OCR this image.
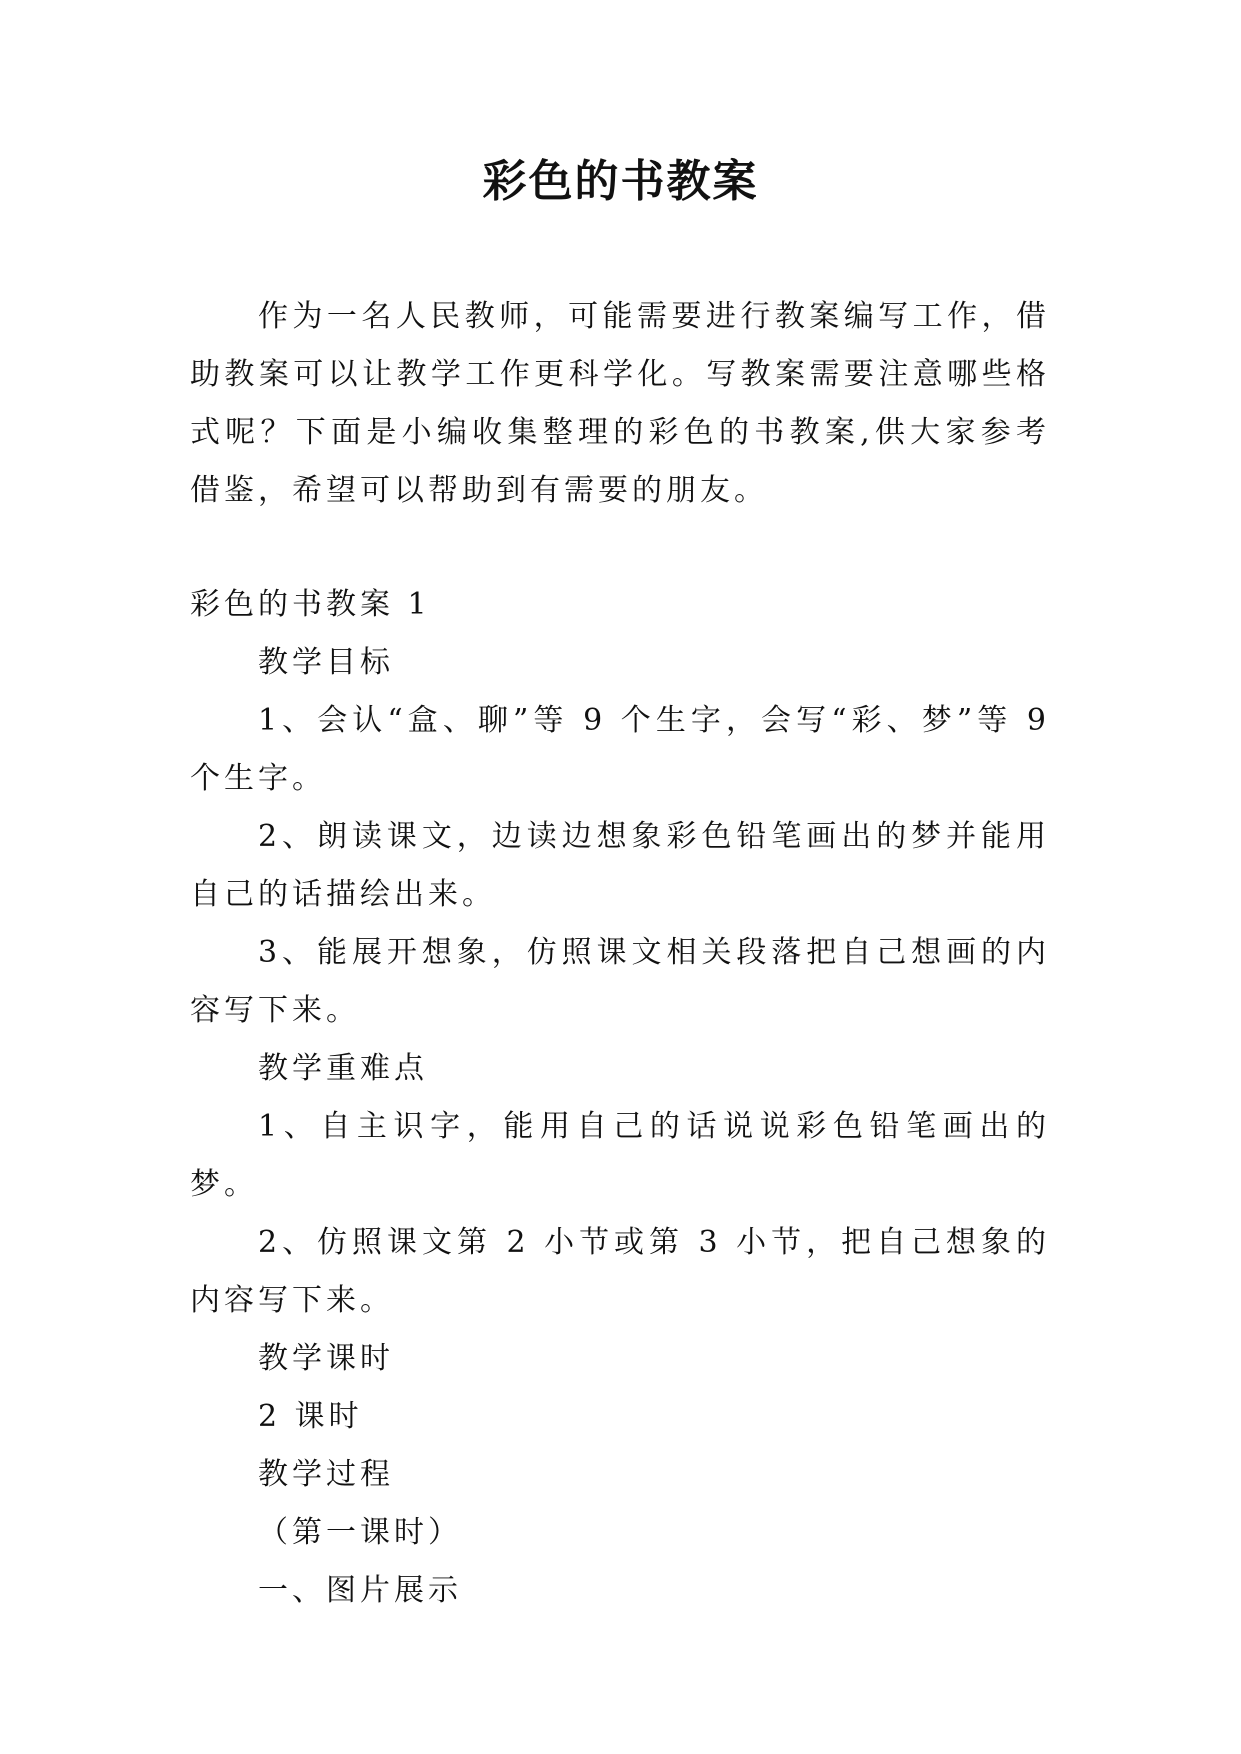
彩色的书教案

作为一名人民教师，可能需要进行教案编写工作，借助教案可以让教学工作更科学化。写教案需要注意哪些格式呢？下面是小编收集整理的彩色的书教案,供大家参考借鉴，希望可以帮助到有需要的朋友。

彩色的书教案 1

教学目标

1、会认“盒、聊”等 9 个生字，会写“彩、梦”等 9 个生字。

2、朗读课文，边读边想象彩色铅笔画出的梦并能用自己的话描绘出来。

3、能展开想象，仿照课文相关段落把自己想画的内容写下来。

教学重难点

1、自主识字，能用自己的话说说彩色铅笔画出的梦。

2、仿照课文第 2 小节或第 3 小节，把自己想象的内容写下来。

教学课时

2 课时

教学过程

（第一课时）

一、图片展示
